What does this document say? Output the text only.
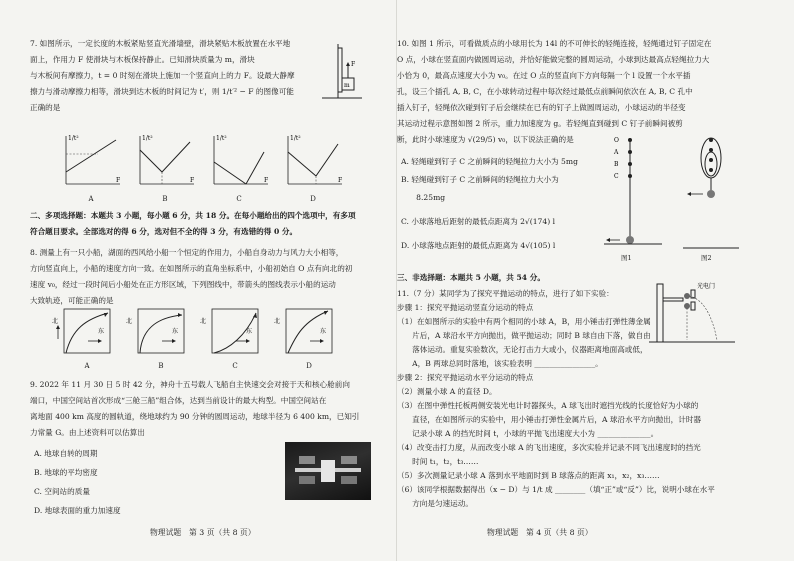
7. 如图所示，一定长度的木板紧贴竖直光滑墙壁，滑块紧贴木板放置在水平地
面上，作用力 F 使滑块与木板保持静止。已知滑块质量为 m，滑块
与木板间有摩擦力，t = 0 时刻在滑块上施加一个竖直向上的力 F。设最大静摩
擦力与滑动摩擦力相等，滑块到达木板的时间记为 t′，则 1/t′² − F 的图像可能
正确的是
F
m
1/t²
F
A
1/t²
F
B
1/t²
F
C
1/t²
F
D
二、多项选择题：本题共 3 小题，每小题 6 分，共 18 分。在每小题给出的四个选项中，有多项
符合题目要求。全部选对的得 6 分，选对但不全的得 3 分，有选错的得 0 分。
8. 测量上有一只小船，湖面的西风给小船一个恒定的作用力，小船自身动力与风力大小相等，
方向竖直向上，小船的速度方向一致。在如图所示的直角坐标系中，小船初始自 O 点有向北的初
速度 v₀，经过一段时间后小船处在正方形区域，下列图线中，带箭头的图线表示小船的运动
大致轨迹，可能正确的是
北
东
A
北
东
B
北
东
C
北
东
D
9. 2022 年 11 月 30 日 5 时 42 分，神舟十五号载人飞船自主快速交会对接于天和核心舱前向
端口，中国空间站首次形成“三舱三船”组合体，达到当前设计的最大构型。中国空间站在
离地面 400 km 高度的圆轨道，绕地球约为 90 分钟的圆周运动，地球半径为 6 400 km，已知引
力常量 G。由上述资料可以估算出
A. 地球自转的周期
B. 地球的平均密度
C. 空间站的质量
D. 地球表面的重力加速度
物理试题　第 3 页（共 8 页）
10. 如图 1 所示，可看做质点的小球用长为 14l 的不可伸长的轻绳连接，轻绳通过钉子固定在
O 点，小球在竖直面内做圆周运动，并恰好能做完整的圆周运动，小球到达最高点轻绳拉力大
小恰为 0，最高点速度大小为 v₀。在过 O 点的竖直向下方向每隔一个 l 设置一个水平插
孔，设三个插孔 A, B, C，在小球转动过程中每次经过最低点前瞬间依次在 A, B, C 孔中
插入钉子，轻绳依次碰到钉子后会继续在已有的钉子上做圆周运动，小球运动的半径变
其运动过程示意图如图 2 所示，重力加速度为 g。若轻绳直到碰到 C 钉子前瞬间被剪
断，此时小球速度为 √(29/5) v₀，以下说法正确的是
A. 轻绳碰到钉子 C 之前瞬间的轻绳拉力大小为 5mg
B. 轻绳碰到钉子 C 之前瞬间的轻绳拉力大小为
　　8.25mg
C. 小球落地后距射的最低点距离为 2√(174) l
D. 小球落地点距射的最低点距离为 4√(105) l
O
A
B
C
图1	图2
三、非选择题：本题共 5 小题，共 54 分。
11.（7 分）某同学为了探究平抛运动的特点，进行了如下实验：
步骤 1：探究平抛运动竖直分运动的特点
（1）在如图所示的实验中有两个相同的小球 A，B，用小锤击打弹性薄金属
　　片后，A 球沿水平方向抛出，做平抛运动；同时 B 球自由下落，做自由
　　落体运动。重复实验数次，无论打击力大或小，仪器距离地面高或低，
　　A，B 两球总同时落地，该实验表明 ________________。
步骤 2：探究平抛运动水平分运动的特点
（2）测量小球 A 的直径 D。
（3）在图中弹性托板两侧安装光电计时器探头，A 球飞出时遮挡光线的长度恰好为小球的
　　直径，在如图所示的实验中，用小锤击打弹性金属片后，A 球沿水平方向抛出，计时器
　　记录小球 A 的挡光时间 t，小球的平抛飞出速度大小为 ______________。
（4）改变击打力度，从而改变小球 A 的飞出速度，多次实验并记录不同飞出速度时的挡光
　　时间 t₁，t₂，t₃……
（5）多次测量记录小球 A 落到水平地面时到 B 球落点的距离 x₁，x₂，x₃……
（6）该同学根据数据得出（x − D）与 1/t 成 ________（填“正”或“反”）比，说明小球在水平
　　方向是匀速运动。
光电门
物理试题　第 4 页（共 8 页）
